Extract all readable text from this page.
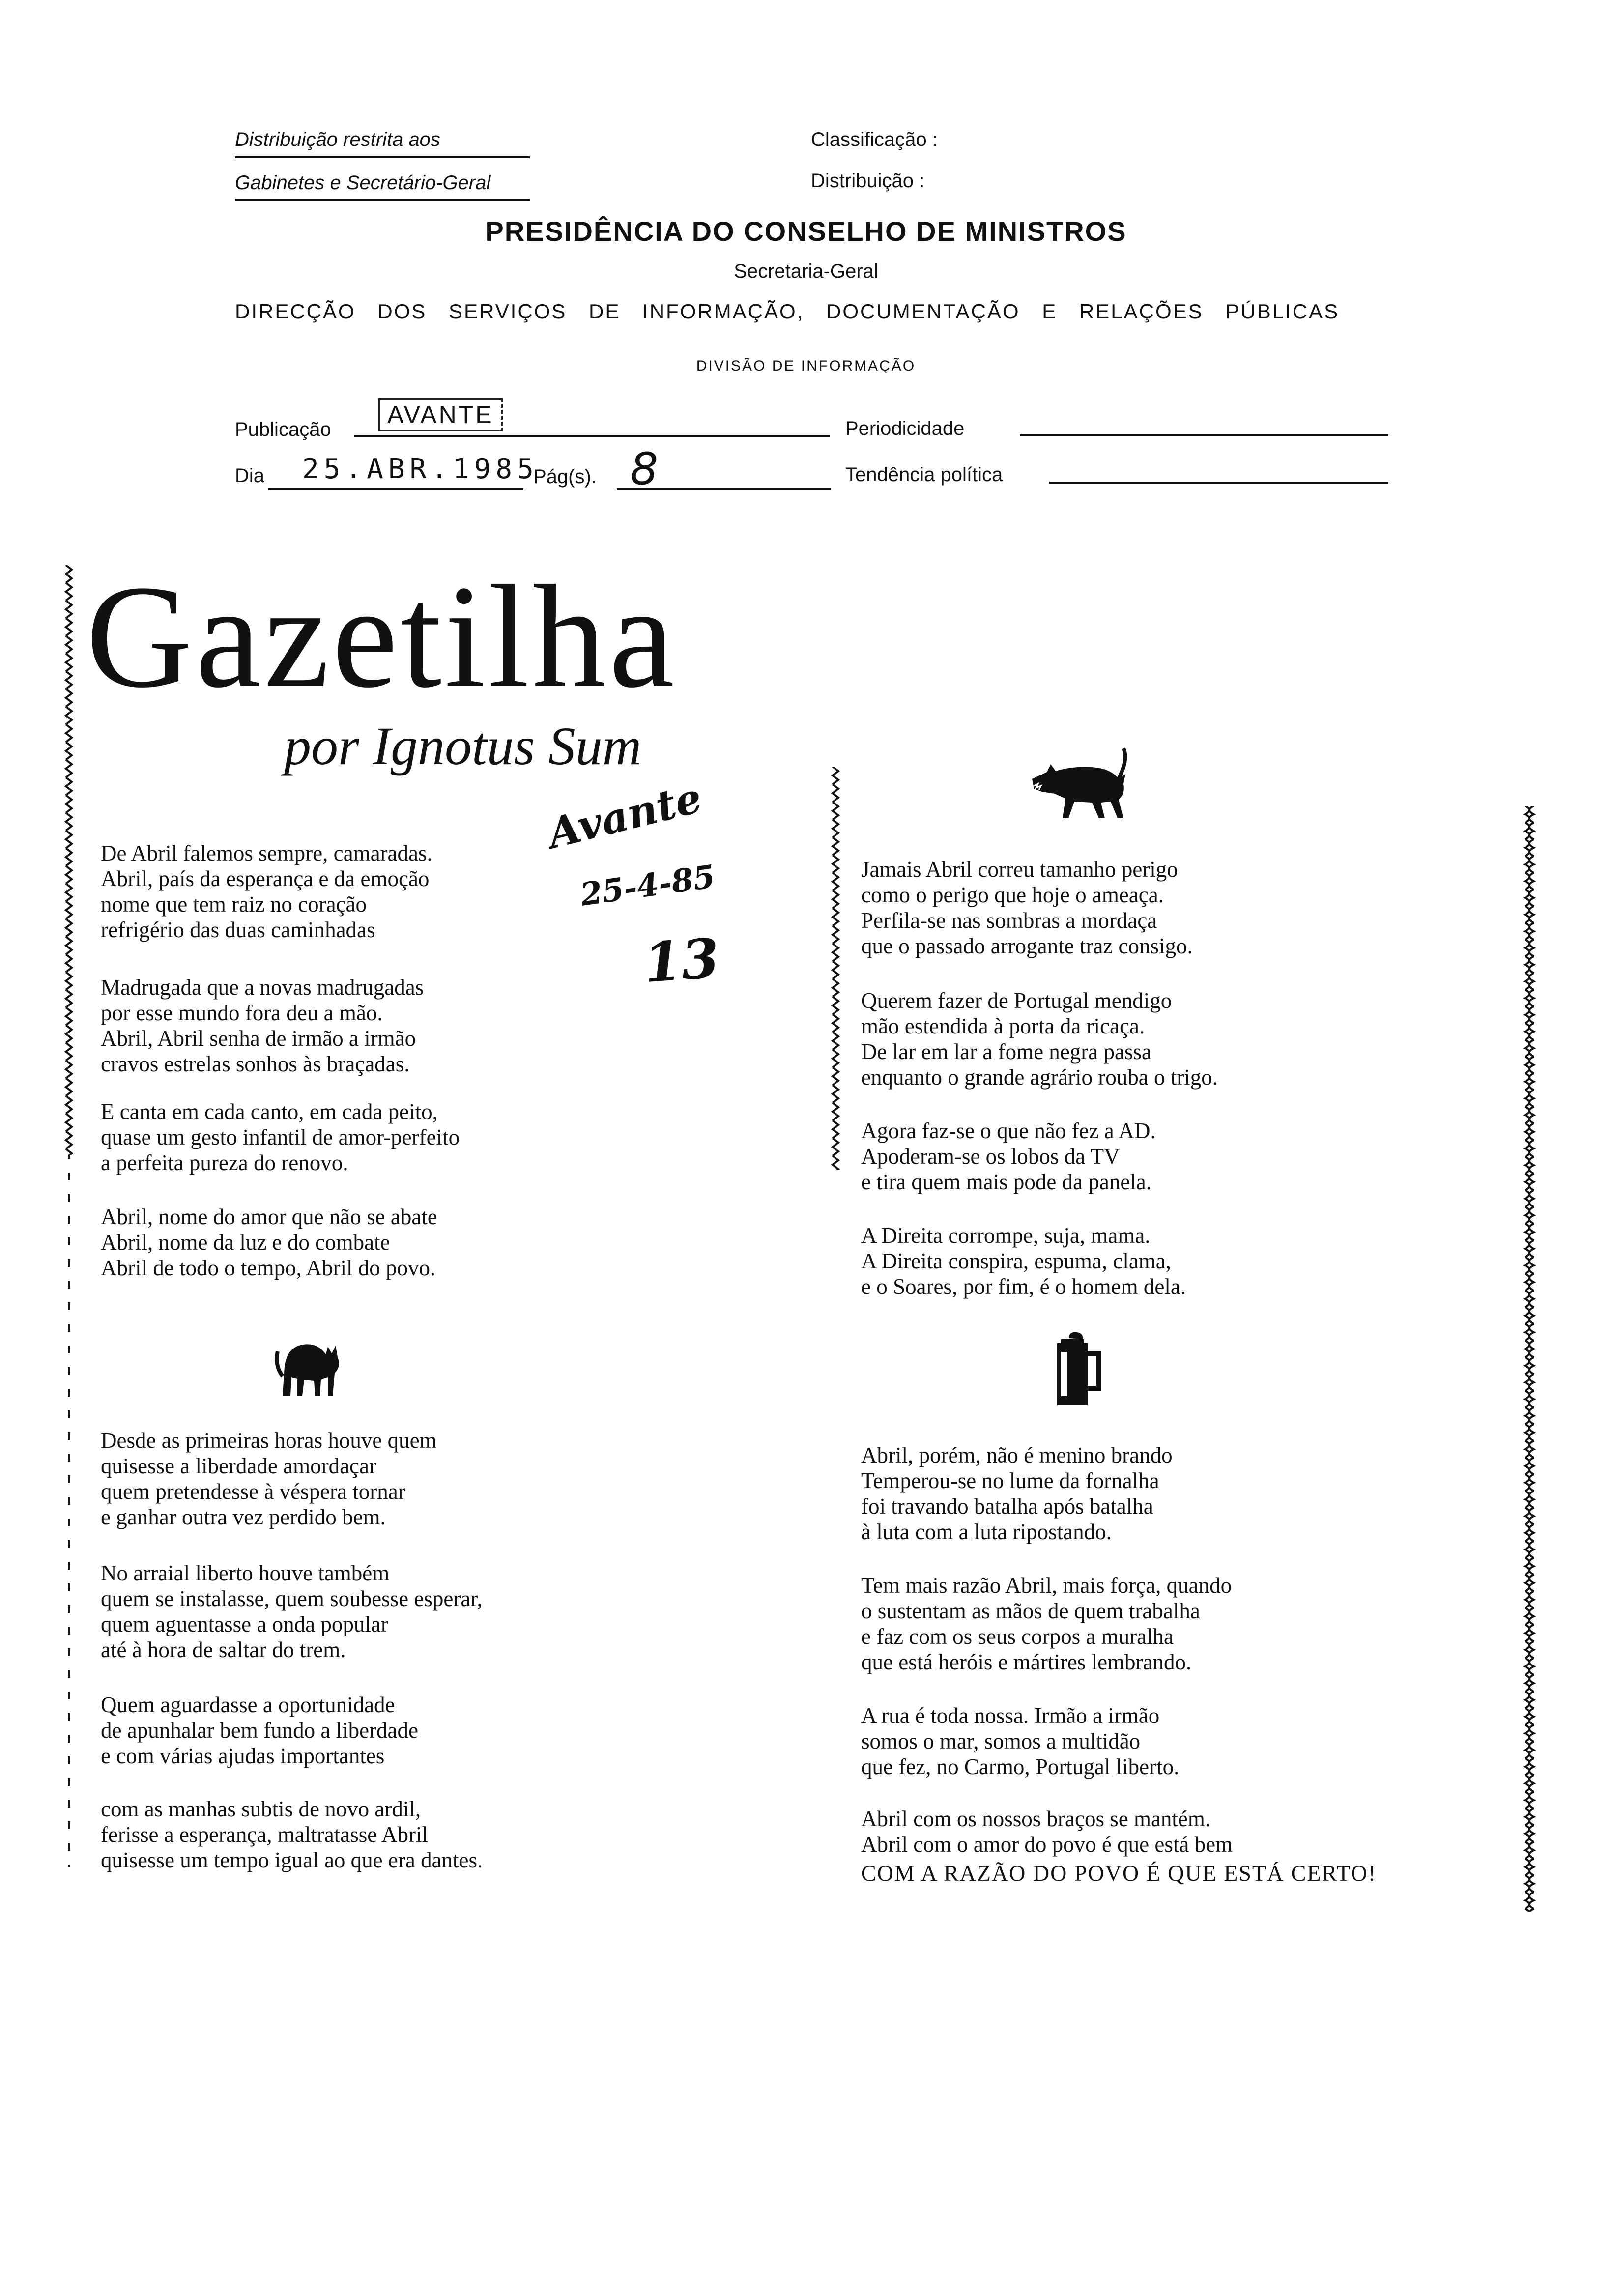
Distribuição restrita aos
Gabinetes e Secretário-Geral
Classificação :
Distribuição :
PRESIDÊNCIA DO CONSELHO DE MINISTROS
Secretaria-Geral
DIRECÇÃO DOS SERVIÇOS DE INFORMAÇÃO, DOCUMENTAÇÃO E RELAÇÕES PÚBLICAS
DIVISÃO DE INFORMAÇÃO
Publicação
AVANTE	Periodicidade
Dia 25.ABR.1985
Pág(s). 8	Tendência política
Gazetilha
por Ignotus Sum
Avante
25-4-85
13
De Abril falemos sempre, camaradas.
Abril, país da esperança e da emoção
nome que tem raiz no coração
refrigério das duas caminhadas
Madrugada que a novas madrugadas
por esse mundo fora deu a mão.
Abril, Abril senha de irmão a irmão
cravos estrelas sonhos às braçadas.
E canta em cada canto, em cada peito,
quase um gesto infantil de amor-perfeito
a perfeita pureza do renovo.
Abril, nome do amor que não se abate
Abril, nome da luz e do combate
Abril de todo o tempo, Abril do povo.
Desde as primeiras horas houve quem
quisesse a liberdade amordaçar
quem pretendesse à véspera tornar
e ganhar outra vez perdido bem.
No arraial liberto houve também
quem se instalasse, quem soubesse esperar,
quem aguentasse a onda popular
até à hora de saltar do trem.
Quem aguardasse a oportunidade
de apunhalar bem fundo a liberdade
e com várias ajudas importantes
com as manhas subtis de novo ardil,
ferisse a esperança, maltratasse Abril
quisesse um tempo igual ao que era dantes.
Jamais Abril correu tamanho perigo
como o perigo que hoje o ameaça.
Perfila-se nas sombras a mordaça
que o passado arrogante traz consigo.
Querem fazer de Portugal mendigo
mão estendida à porta da ricaça.
De lar em lar a fome negra passa
enquanto o grande agrário rouba o trigo.
Agora faz-se o que não fez a AD.
Apoderam-se os lobos da TV
e tira quem mais pode da panela.
A Direita corrompe, suja, mama.
A Direita conspira, espuma, clama,
e o Soares, por fim, é o homem dela.
Abril, porém, não é menino brando
Temperou-se no lume da fornalha
foi travando batalha após batalha
à luta com a luta ripostando.
Tem mais razão Abril, mais força, quando
o sustentam as mãos de quem trabalha
e faz com os seus corpos a muralha
que está heróis e mártires lembrando.
A rua é toda nossa. Irmão a irmão
somos o mar, somos a multidão
que fez, no Carmo, Portugal liberto.
Abril com os nossos braços se mantém.
Abril com o amor do povo é que está bem
COM A RAZÃO DO POVO É QUE ESTÁ CERTO!
